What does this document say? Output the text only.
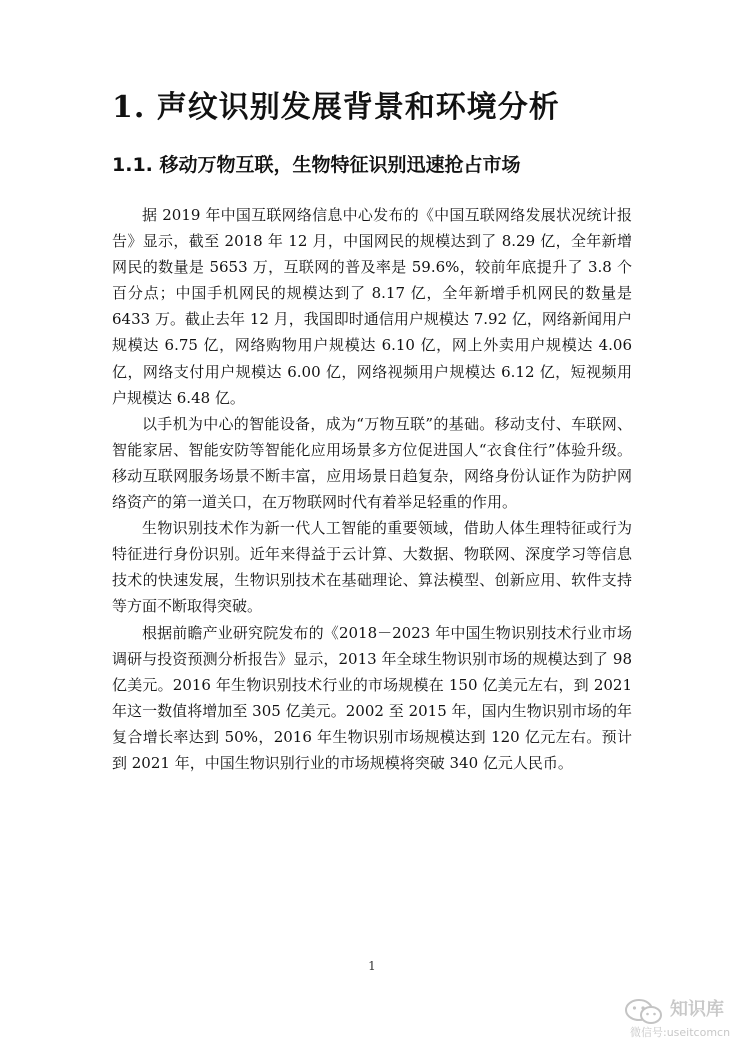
1. 声纹识别发展背景和环境分析
1.1. 移动万物互联，生物特征识别迅速抢占市场

据 2019 年中国互联网络信息中心发布的《中国互联网络发展状况统计报告》显示，截至 2018 年 12 月，中国网民的规模达到了 8.29 亿，全年新增网民的数量是 5653 万，互联网的普及率是 59.6%，较前年底提升了 3.8 个百分点；中国手机网民的规模达到了 8.17 亿，全年新增手机网民的数量是 6433 万。截止去年 12 月，我国即时通信用户规模达 7.92 亿，网络新闻用户规模达 6.75 亿，网络购物用户规模达 6.10 亿，网上外卖用户规模达 4.06 亿，网络支付用户规模达 6.00 亿，网络视频用户规模达 6.12 亿，短视频用户规模达 6.48 亿。

以手机为中心的智能设备，成为“万物互联”的基础。移动支付、车联网、智能家居、智能安防等智能化应用场景多方位促进国人“衣食住行”体验升级。移动互联网服务场景不断丰富，应用场景日趋复杂，网络身份认证作为防护网络资产的第一道关口，在万物联网时代有着举足轻重的作用。

生物识别技术作为新一代人工智能的重要领域，借助人体生理特征或行为特征进行身份识别。近年来得益于云计算、大数据、物联网、深度学习等信息技术的快速发展，生物识别技术在基础理论、算法模型、创新应用、软件支持等方面不断取得突破。

根据前瞻产业研究院发布的《2018－2023 年中国生物识别技术行业市场调研与投资预测分析报告》显示，2013 年全球生物识别市场的规模达到了 98 亿美元。2016 年生物识别技术行业的市场规模在 150 亿美元左右，到 2021 年这一数值将增加至 305 亿美元。2002 至 2015 年，国内生物识别市场的年复合增长率达到 50%，2016 年生物识别市场规模达到 120 亿元左右。预计到 2021 年，中国生物识别行业的市场规模将突破 340 亿元人民币。

1
知识库
微信号:useitcomcn
